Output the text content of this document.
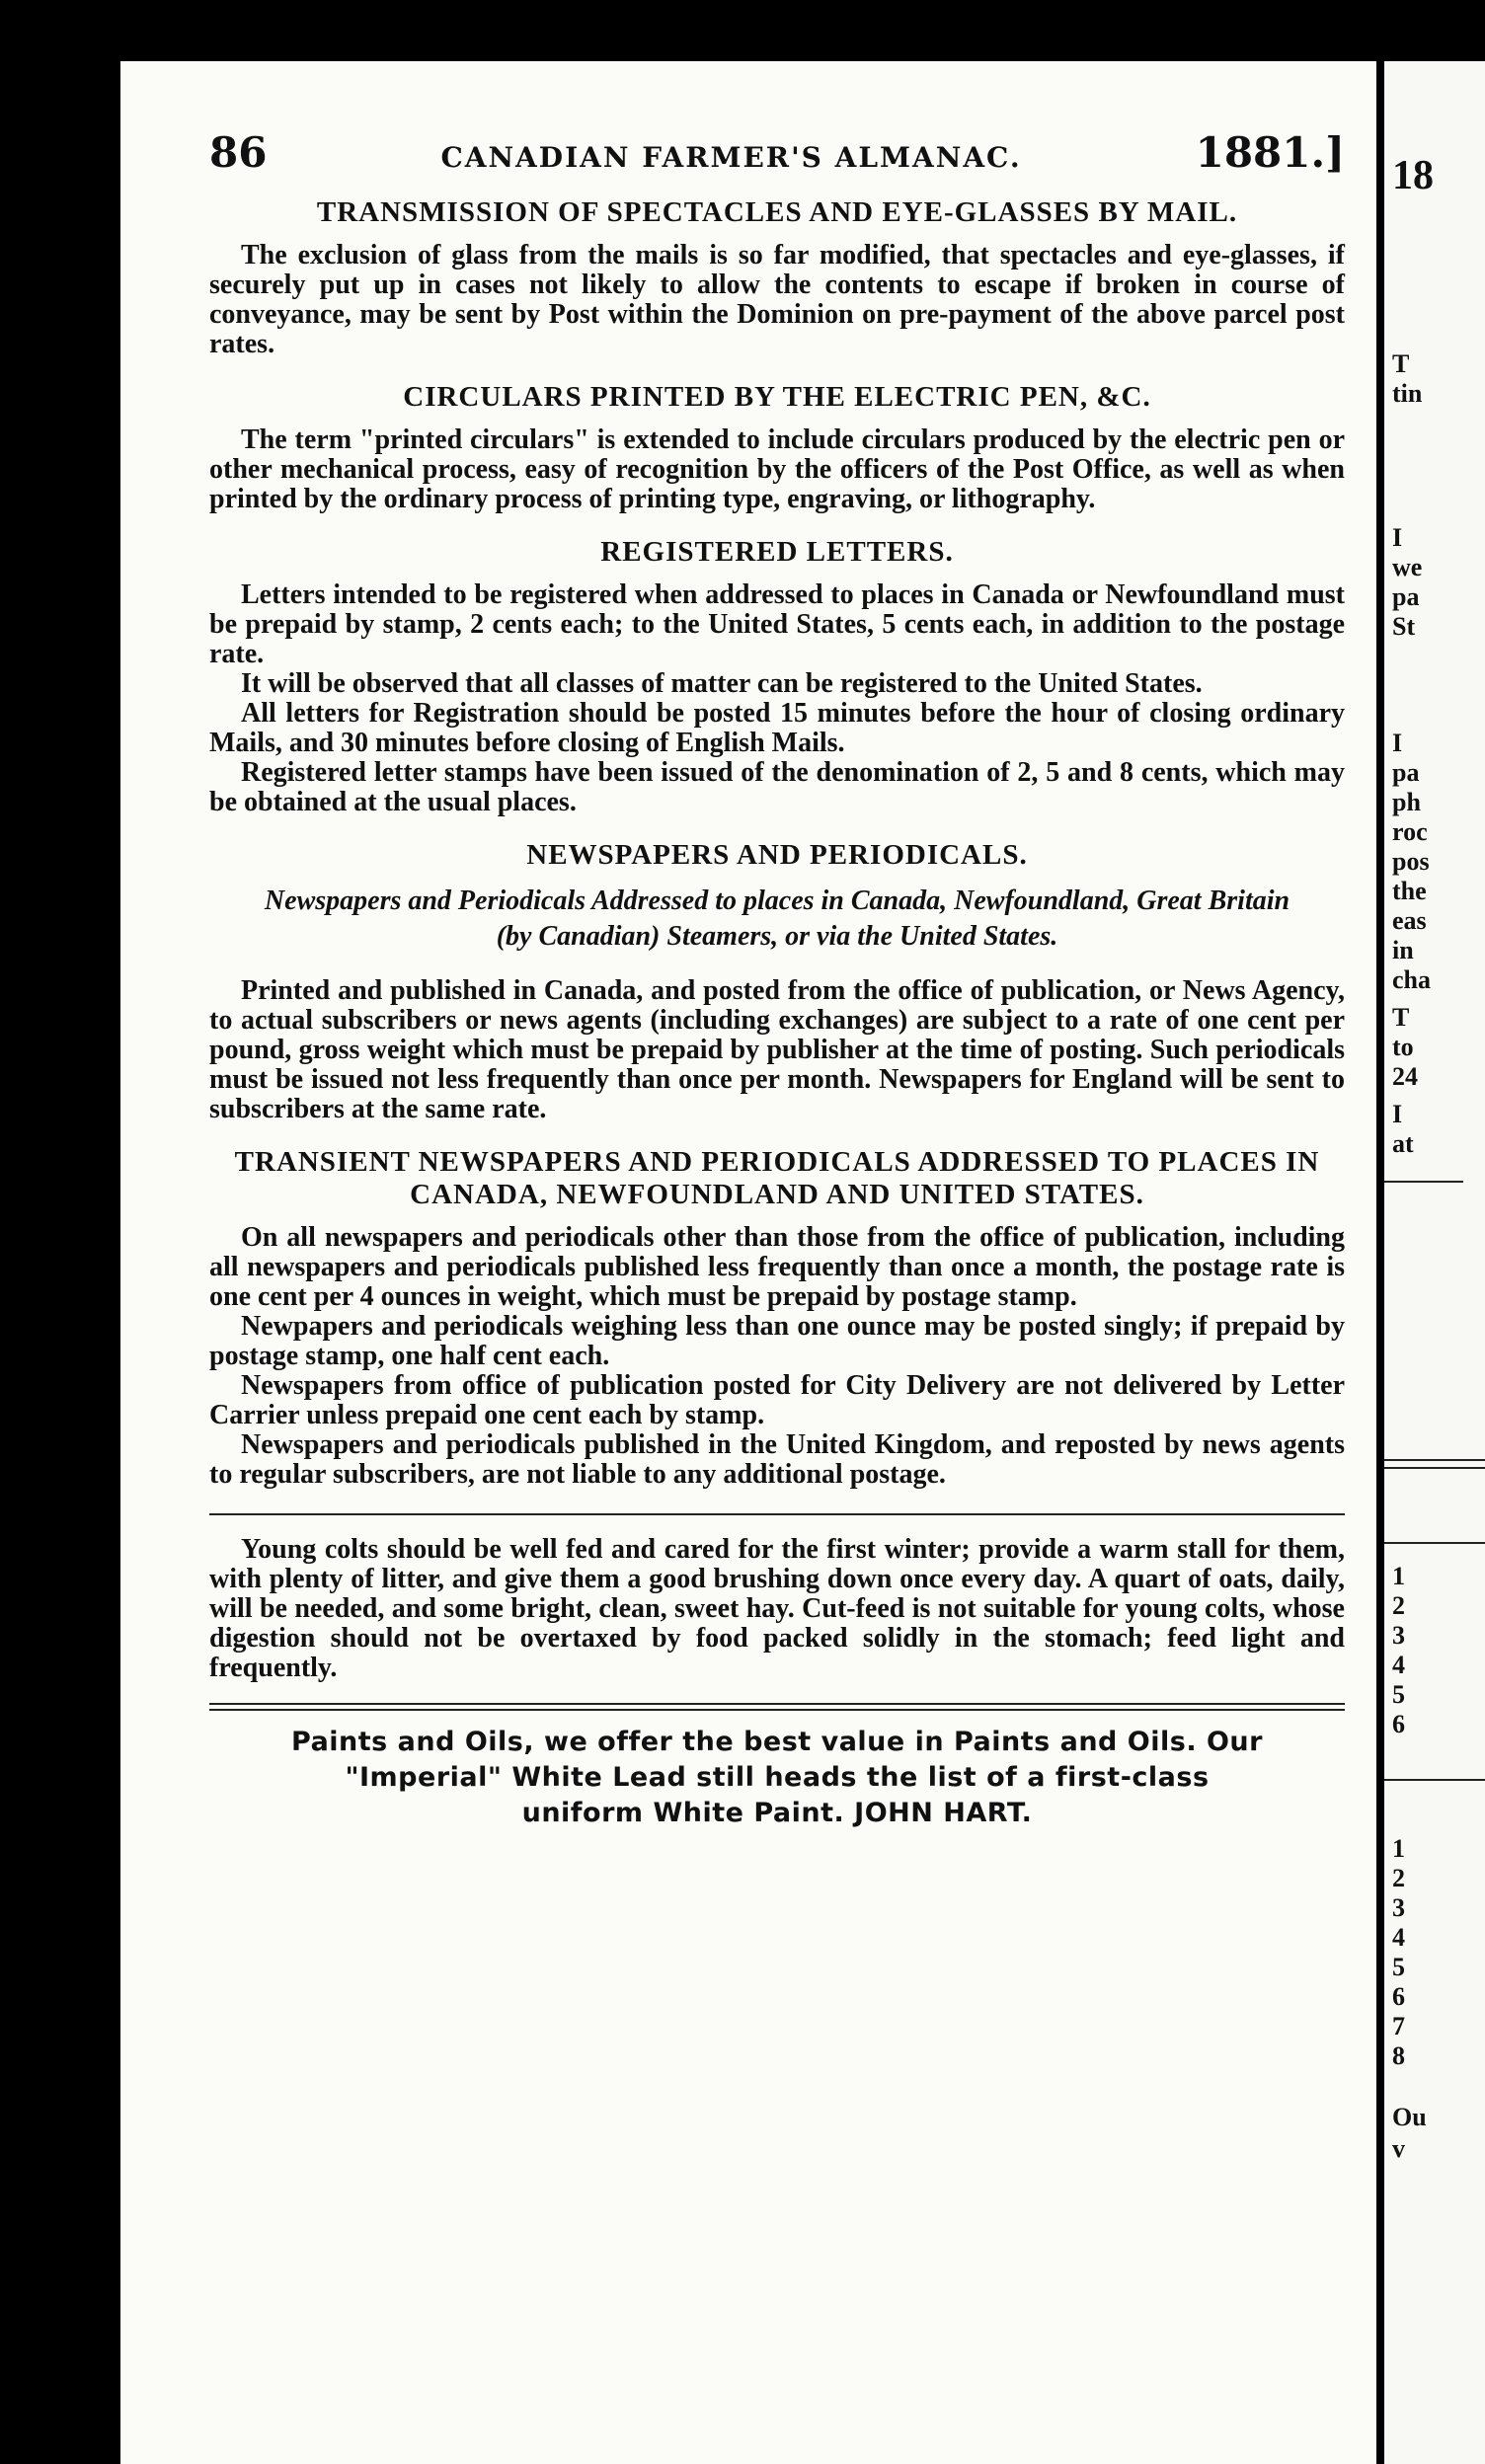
86	CANADIAN FARMER'S ALMANAC.	1881.]
TRANSMISSION OF SPECTACLES AND EYE-GLASSES BY MAIL.

The exclusion of glass from the mails is so far modified, that spectacles and eye-glasses, if securely put up in cases not likely to allow the contents to escape if broken in course of conveyance, may be sent by Post within the Dominion on pre-payment of the above parcel post rates.

CIRCULARS PRINTED BY THE ELECTRIC PEN, &C.

The term "printed circulars" is extended to include circulars produced by the electric pen or other mechanical process, easy of recognition by the officers of the Post Office, as well as when printed by the ordinary process of printing type, engraving, or lithography.

REGISTERED LETTERS.

Letters intended to be registered when addressed to places in Canada or Newfoundland must be prepaid by stamp, 2 cents each; to the United States, 5 cents each, in addition to the postage rate.

It will be observed that all classes of matter can be registered to the United States.

All letters for Registration should be posted 15 minutes before the hour of closing ordinary Mails, and 30 minutes before closing of English Mails.

Registered letter stamps have been issued of the denomination of 2, 5 and 8 cents, which may be obtained at the usual places.

NEWSPAPERS AND PERIODICALS.

Newspapers and Periodicals Addressed to places in Canada, Newfoundland, Great Britain (by Canadian) Steamers, or via the United States.

Printed and published in Canada, and posted from the office of publication, or News Agency, to actual subscribers or news agents (including exchanges) are subject to a rate of one cent per pound, gross weight which must be prepaid by publisher at the time of posting. Such periodicals must be issued not less frequently than once per month. Newspapers for England will be sent to subscribers at the same rate.

TRANSIENT NEWSPAPERS AND PERIODICALS ADDRESSED TO PLACES IN CANADA, NEWFOUNDLAND AND UNITED STATES.

On all newspapers and periodicals other than those from the office of publication, including all newspapers and periodicals published less frequently than once a month, the postage rate is one cent per 4 ounces in weight, which must be prepaid by postage stamp.

Newpapers and periodicals weighing less than one ounce may be posted singly; if prepaid by postage stamp, one half cent each.

Newspapers from office of publication posted for City Delivery are not delivered by Letter Carrier unless prepaid one cent each by stamp.

Newspapers and periodicals published in the United Kingdom, and reposted by news agents to regular subscribers, are not liable to any additional postage.

Young colts should be well fed and cared for the first winter; provide a warm stall for them, with plenty of litter, and give them a good brushing down once every day. A quart of oats, daily, will be needed, and some bright, clean, sweet hay. Cut-feed is not suitable for young colts, whose digestion should not be overtaxed by food packed solidly in the stomach; feed light and frequently.

Paints and Oils, we offer the best value in Paints and Oils. Our
"Imperial" White Lead still heads the list of a first-class
uniform White Paint. JOHN HART.
18
T
tin
I
we
pa
St
I
pa
ph
roc
pos
the
eas
in
cha
T
to
24
I
at
1
2
3
4
5
6
1
2
3
4
5
6
7
8
Ou
v
